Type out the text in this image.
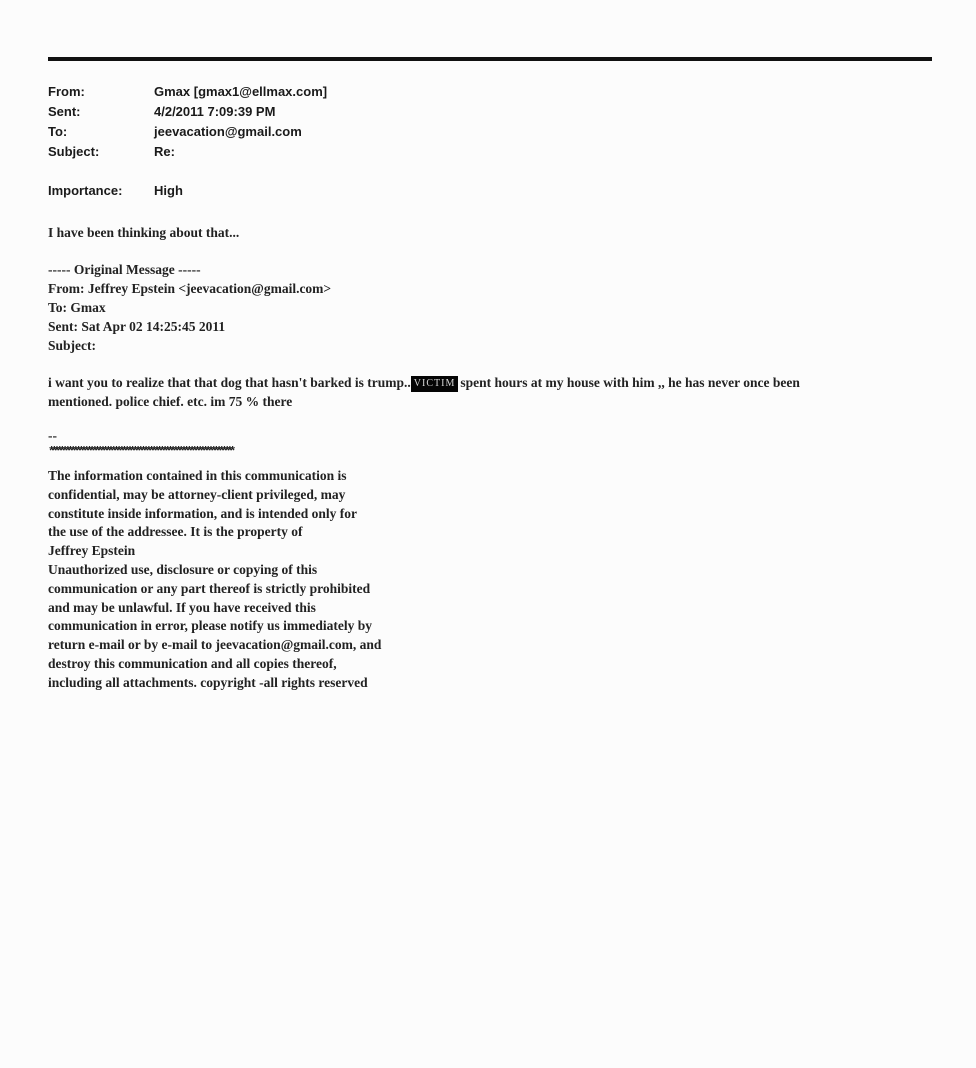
From:	Gmax [gmax1@ellmax.com]
Sent:	4/2/2011 7:09:39 PM
To:	jeevacation@gmail.com
Subject:	Re:
Importance:	High
I have been thinking about that...
----- Original Message -----
From: Jeffrey Epstein <jeevacation@gmail.com>
To: Gmax
Sent: Sat Apr 02 14:25:45 2011
Subject:
i want you to realize that that dog that hasn't barked is trump.. VICTIM spent hours at my house with him ,, he has never once been
mentioned. police chief. etc. im 75 % there
--
********************************************************************
The information contained in this communication is
confidential, may be attorney-client privileged, may
constitute inside information, and is intended only for
the use of the addressee. It is the property of
Jeffrey Epstein
Unauthorized use, disclosure or copying of this
communication or any part thereof is strictly prohibited
and may be unlawful. If you have received this
communication in error, please notify us immediately by
return e-mail or by e-mail to jeevacation@gmail.com, and
destroy this communication and all copies thereof,
including all attachments. copyright -all rights reserved
